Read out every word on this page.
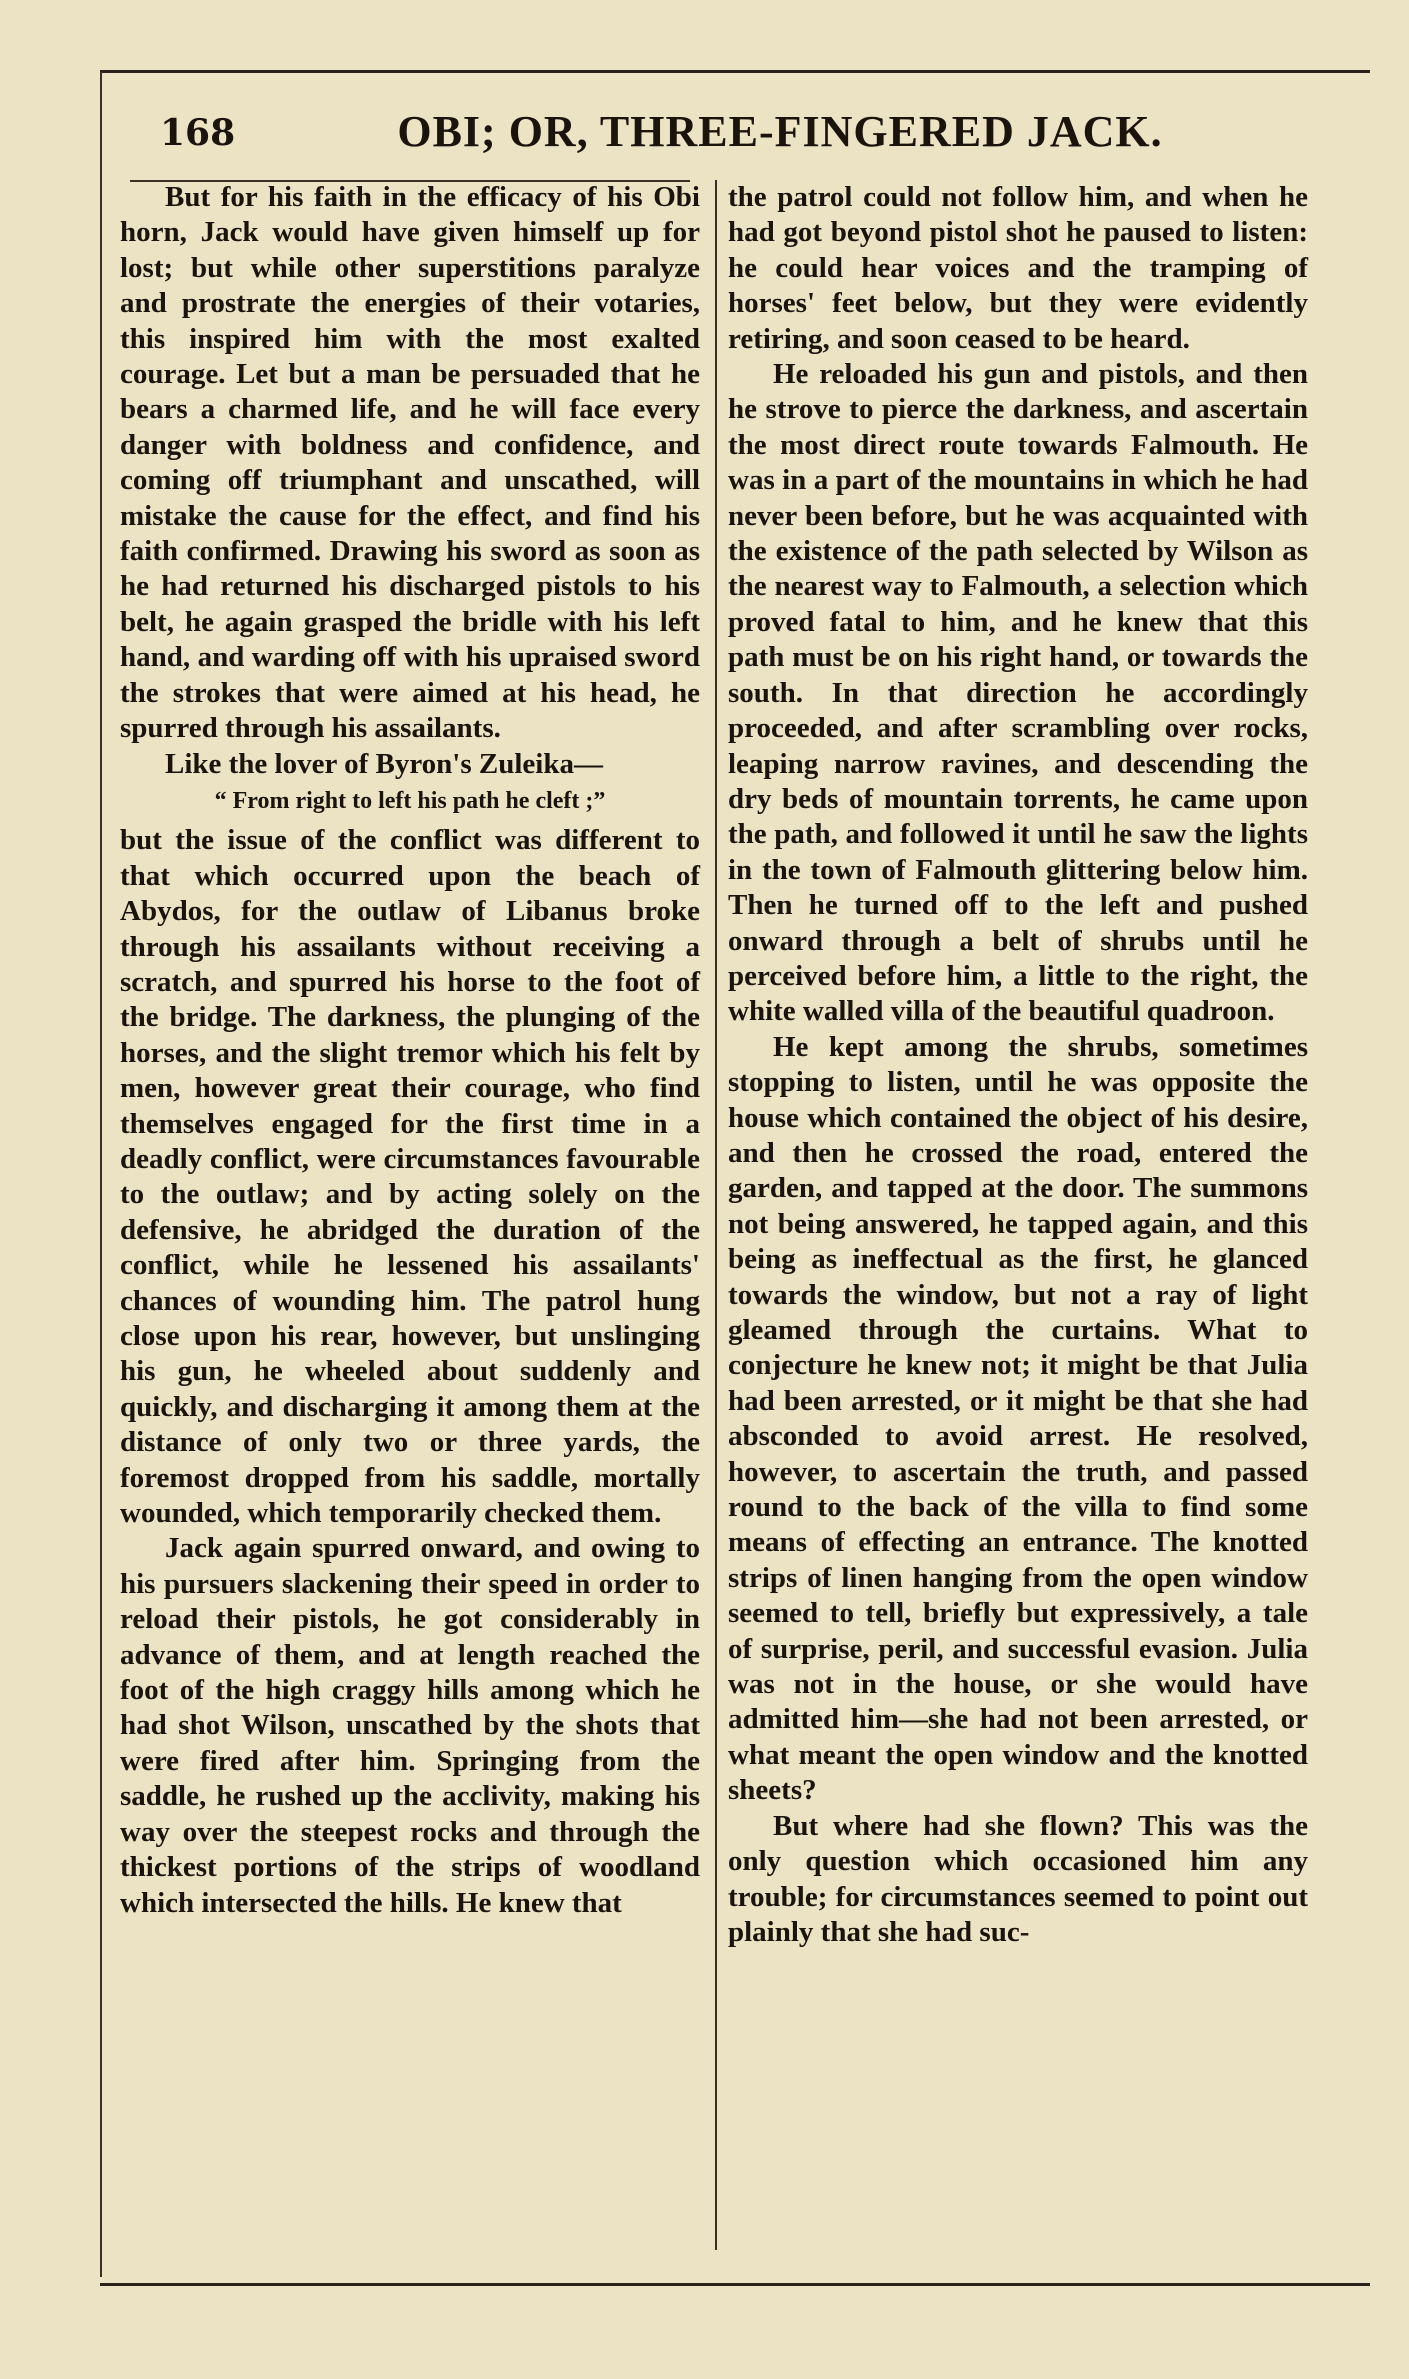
168	OBI; OR, THREE-FINGERED JACK.

But for his faith in the efficacy of his Obi horn, Jack would have given himself up for lost; but while other superstitions paralyze and prostrate the energies of their votaries, this inspired him with the most exalted courage. Let but a man be persuaded that he bears a charmed life, and he will face every danger with boldness and confidence, and coming off triumphant and unscathed, will mistake the cause for the effect, and find his faith confirmed. Drawing his sword as soon as he had returned his discharged pistols to his belt, he again grasped the bridle with his left hand, and warding off with his upraised sword the strokes that were aimed at his head, he spurred through his assailants.

Like the lover of Byron's Zuleika—

“ From right to left his path he cleft ;”

but the issue of the conflict was different to that which occurred upon the beach of Abydos, for the outlaw of Libanus broke through his assailants without receiving a scratch, and spurred his horse to the foot of the bridge. The darkness, the plunging of the horses, and the slight tremor which his felt by men, however great their courage, who find themselves engaged for the first time in a deadly conflict, were circumstances favourable to the outlaw; and by acting solely on the defensive, he abridged the duration of the conflict, while he lessened his assailants' chances of wounding him. The patrol hung close upon his rear, however, but unslinging his gun, he wheeled about suddenly and quickly, and discharging it among them at the distance of only two or three yards, the foremost dropped from his saddle, mortally wounded, which temporarily checked them.

Jack again spurred onward, and owing to his pursuers slackening their speed in order to reload their pistols, he got considerably in advance of them, and at length reached the foot of the high craggy hills among which he had shot Wilson, unscathed by the shots that were fired after him. Springing from the saddle, he rushed up the acclivity, making his way over the steepest rocks and through the thickest portions of the strips of woodland which intersected the hills. He knew that

the patrol could not follow him, and when he had got beyond pistol shot he paused to listen: he could hear voices and the tramping of horses' feet below, but they were evidently retiring, and soon ceased to be heard.

He reloaded his gun and pistols, and then he strove to pierce the darkness, and ascertain the most direct route towards Falmouth. He was in a part of the mountains in which he had never been before, but he was acquainted with the existence of the path selected by Wilson as the nearest way to Falmouth, a selection which proved fatal to him, and he knew that this path must be on his right hand, or towards the south. In that direction he accordingly proceeded, and after scrambling over rocks, leaping narrow ravines, and descending the dry beds of mountain torrents, he came upon the path, and followed it until he saw the lights in the town of Falmouth glittering below him. Then he turned off to the left and pushed onward through a belt of shrubs until he perceived before him, a little to the right, the white walled villa of the beautiful quadroon.

He kept among the shrubs, sometimes stopping to listen, until he was opposite the house which contained the object of his desire, and then he crossed the road, entered the garden, and tapped at the door. The summons not being answered, he tapped again, and this being as ineffectual as the first, he glanced towards the window, but not a ray of light gleamed through the curtains. What to conjecture he knew not; it might be that Julia had been arrested, or it might be that she had absconded to avoid arrest. He resolved, however, to ascertain the truth, and passed round to the back of the villa to find some means of effecting an entrance. The knotted strips of linen hanging from the open window seemed to tell, briefly but expressively, a tale of surprise, peril, and successful evasion. Julia was not in the house, or she would have admitted him—she had not been arrested, or what meant the open window and the knotted sheets?

But where had she flown? This was the only question which occasioned him any trouble; for circumstances seemed to point out plainly that she had suc-
